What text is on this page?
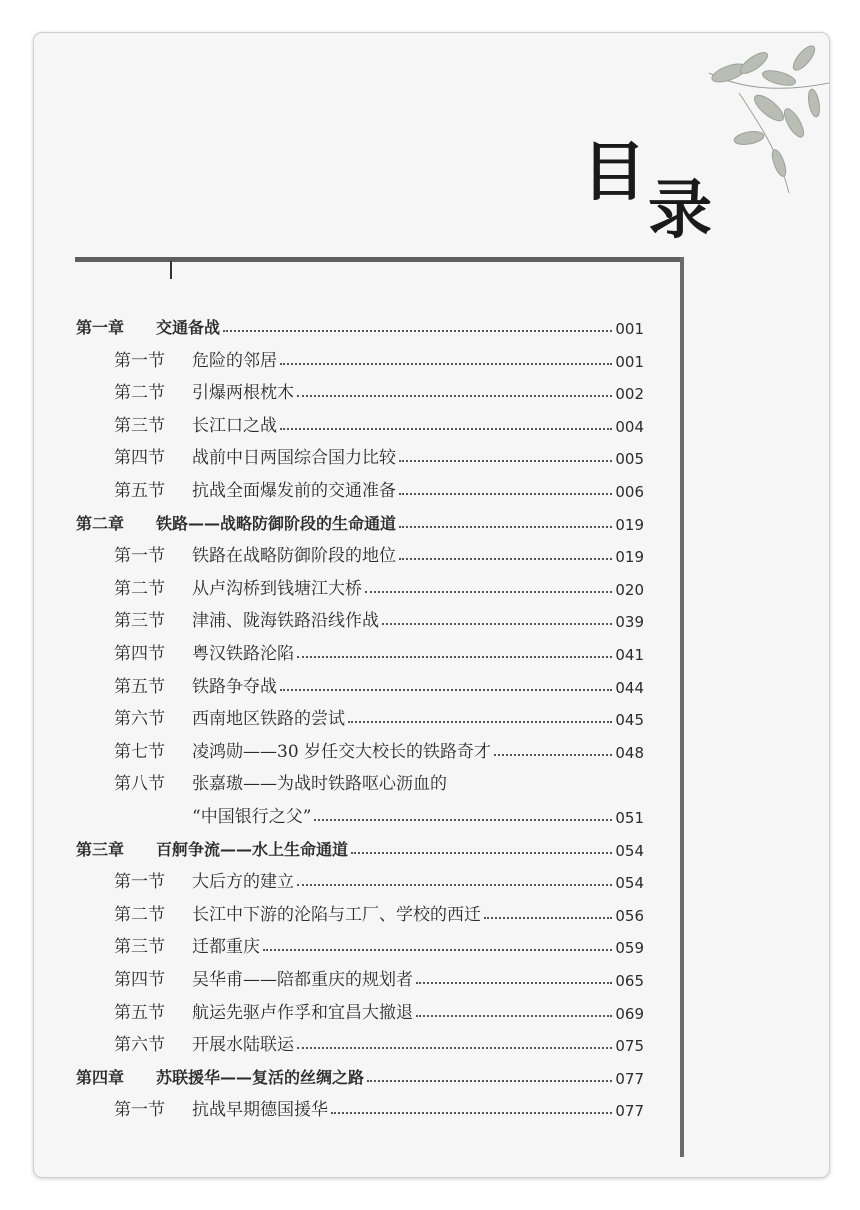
目
录
第一章	交通备战	001
第一节	危险的邻居	001
第二节	引爆两根枕木	002
第三节	长江口之战	004
第四节	战前中日两国综合国力比较	005
第五节	抗战全面爆发前的交通准备	006
第二章	铁路——战略防御阶段的生命通道	019
第一节	铁路在战略防御阶段的地位	019
第二节	从卢沟桥到钱塘江大桥	020
第三节	津浦、陇海铁路沿线作战	039
第四节	粤汉铁路沦陷	041
第五节	铁路争夺战	044
第六节	西南地区铁路的尝试	045
第七节	凌鸿勋——30 岁任交大校长的铁路奇才	048
第八节	张嘉璈——为战时铁路呕心沥血的
“中国银行之父”	051
第三章	百舸争流——水上生命通道	054
第一节	大后方的建立	054
第二节	长江中下游的沦陷与工厂、学校的西迁	056
第三节	迁都重庆	059
第四节	吴华甫——陪都重庆的规划者	065
第五节	航运先驱卢作孚和宜昌大撤退	069
第六节	开展水陆联运	075
第四章	苏联援华——复活的丝绸之路	077
第一节	抗战早期德国援华	077
